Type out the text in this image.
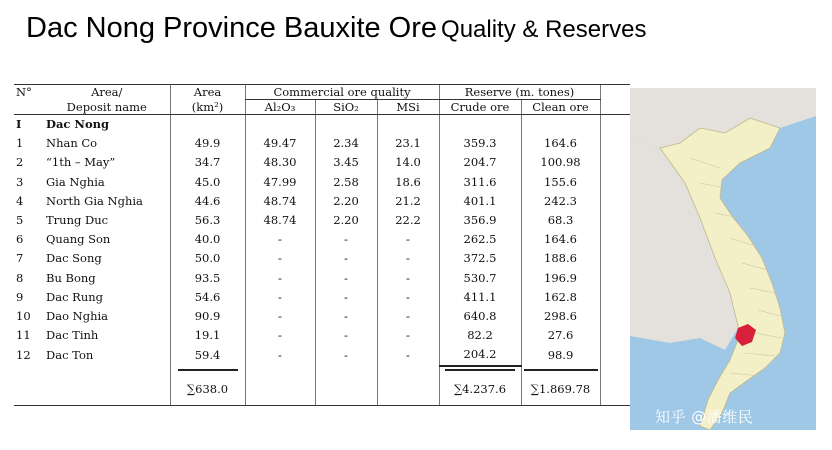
Dac Nong Province Bauxite Ore Quality & Reserves
N°	Area/	Area	Commercial ore quality			Reserve (m. tones)		
	Deposit name	(km²)	Al₂O₃	SiO₂	MSi	Crude ore	Clean ore	
I	Dac Nong							
1	Nhan Co	49.9	49.47	2.34	23.1	359.3	164.6	
2	“1th – May”	34.7	48.30	3.45	14.0	204.7	100.98	
3	Gia Nghia	45.0	47.99	2.58	18.6	311.6	155.6	
4	North Gia Nghia	44.6	48.74	2.20	21.2	401.1	242.3	
5	Trung Duc	56.3	48.74	2.20	22.2	356.9	68.3	
6	Quang Son	40.0	-	-	-	262.5	164.6	
7	Dac Song	50.0	-	-	-	372.5	188.6	
8	Bu Bong	93.5	-	-	-	530.7	196.9	
9	Dac Rung	54.6	-	-	-	411.1	162.8	
10	Dao Nghia	90.9	-	-	-	640.8	298.6	
11	Dac Tinh	19.1	-	-	-	82.2	27.6	
12	Dac Ton	59.4	-	-	-	204.2	98.9	
		∑638.0				∑4.237.6	∑1.869.78	
知乎 @潘维民
